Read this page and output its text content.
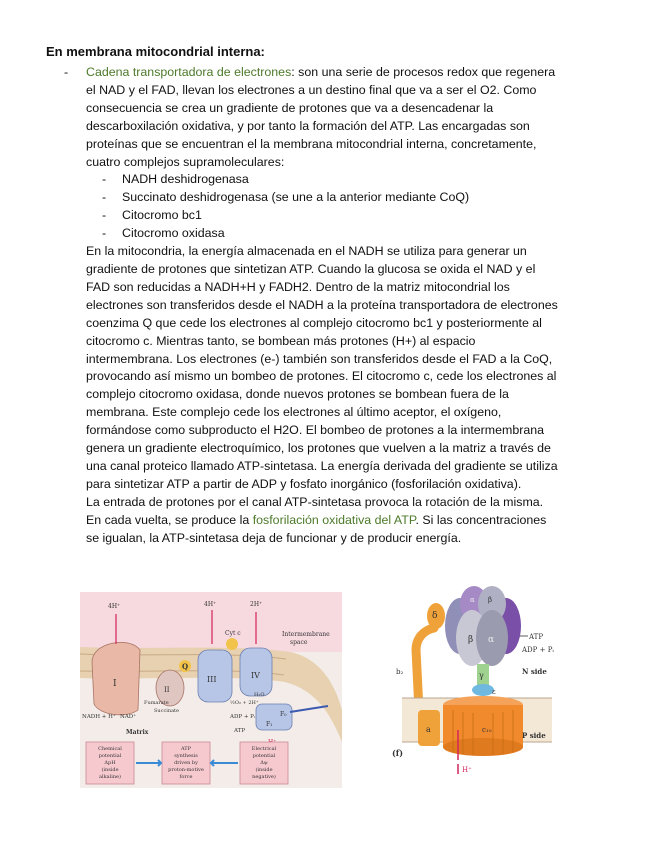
En membrana mitocondrial interna:

- Cadena transportadora de electrones: son una serie de procesos redox que regenera
el NAD y el FAD, llevan los electrones a un destino final que va a ser el O2. Como
consecuencia se crea un gradiente de protones que va a desencadenar la
descarboxilación oxidativa, y por tanto la formación del ATP. Las encargadas son
proteínas que se encuentran el la membrana mitocondrial interna, concretamente,
cuatro complejos supramoleculares:

- NADH deshidrogenasa
- Succinato deshidrogenasa (se une a la anterior mediante CoQ)
- Citocromo bc1
- Citocromo oxidasa

En la mitocondria, la energía almacenada en el NADH se utiliza para generar un
gradiente de protones que sintetizan ATP. Cuando la glucosa se oxida el NAD y el
FAD son reducidas a NADH+H y FADH2. Dentro de la matriz mitocondrial los
electrones son transferidos desde el NADH a la proteína transportadora de electrones
coenzima Q que cede los electrones al complejo citocromo bc1 y posteriormente al
citocromo c. Mientras tanto, se bombean más protones (H+) al espacio
intermembrana. Los electrones (e-) también son transferidos desde el FAD a la CoQ,
provocando así mismo un bombeo de protones. El citocromo c, cede los electrones al
complejo citocromo oxidasa, donde nuevos protones se bombean fuera de la
membrana. Este complejo cede los electrones al último aceptor, el oxígeno,
formándose como subproducto el H2O. El bombeo de protones a la intermembrana
genera un gradiente electroquímico, los protones que vuelven a la matriz a través de
una canal proteico llamado ATP-sintetasa. La energía derivada del gradiente se utiliza
para sintetizar ATP a partir de ADP y fosfato inorgánico (fosforilación oxidativa).
La entrada de protones por el canal ATP-sintetasa provoca la rotación de la misma.
En cada vuelta, se produce la fosforilación oxidativa del ATP. Si las concentraciones
se igualan, la ATP-sintetasa deja de funcionar y de producir energía.

I
II
Q
III
Cyt c
IV
F₀
F₁
4H⁺	4H⁺	2H⁺
Intermembrane
space
NADH + H⁺ NAD⁺
Fumarate
Succinate
½O₂ + 2H⁺
H₂O
ADP + Pᵢ
ATP
Matrix
Chemical
potential
ΔpH
(inside
alkaline)
ATP
synthesis
driven by
proton-motive
force
Electrical
potential
Δψ
(inside
negative)
δ
b₂
β α
α β
γ
ε
a	c₁₀
H⁺
ATP
ADP + Pᵢ
N side
P side
(f)
